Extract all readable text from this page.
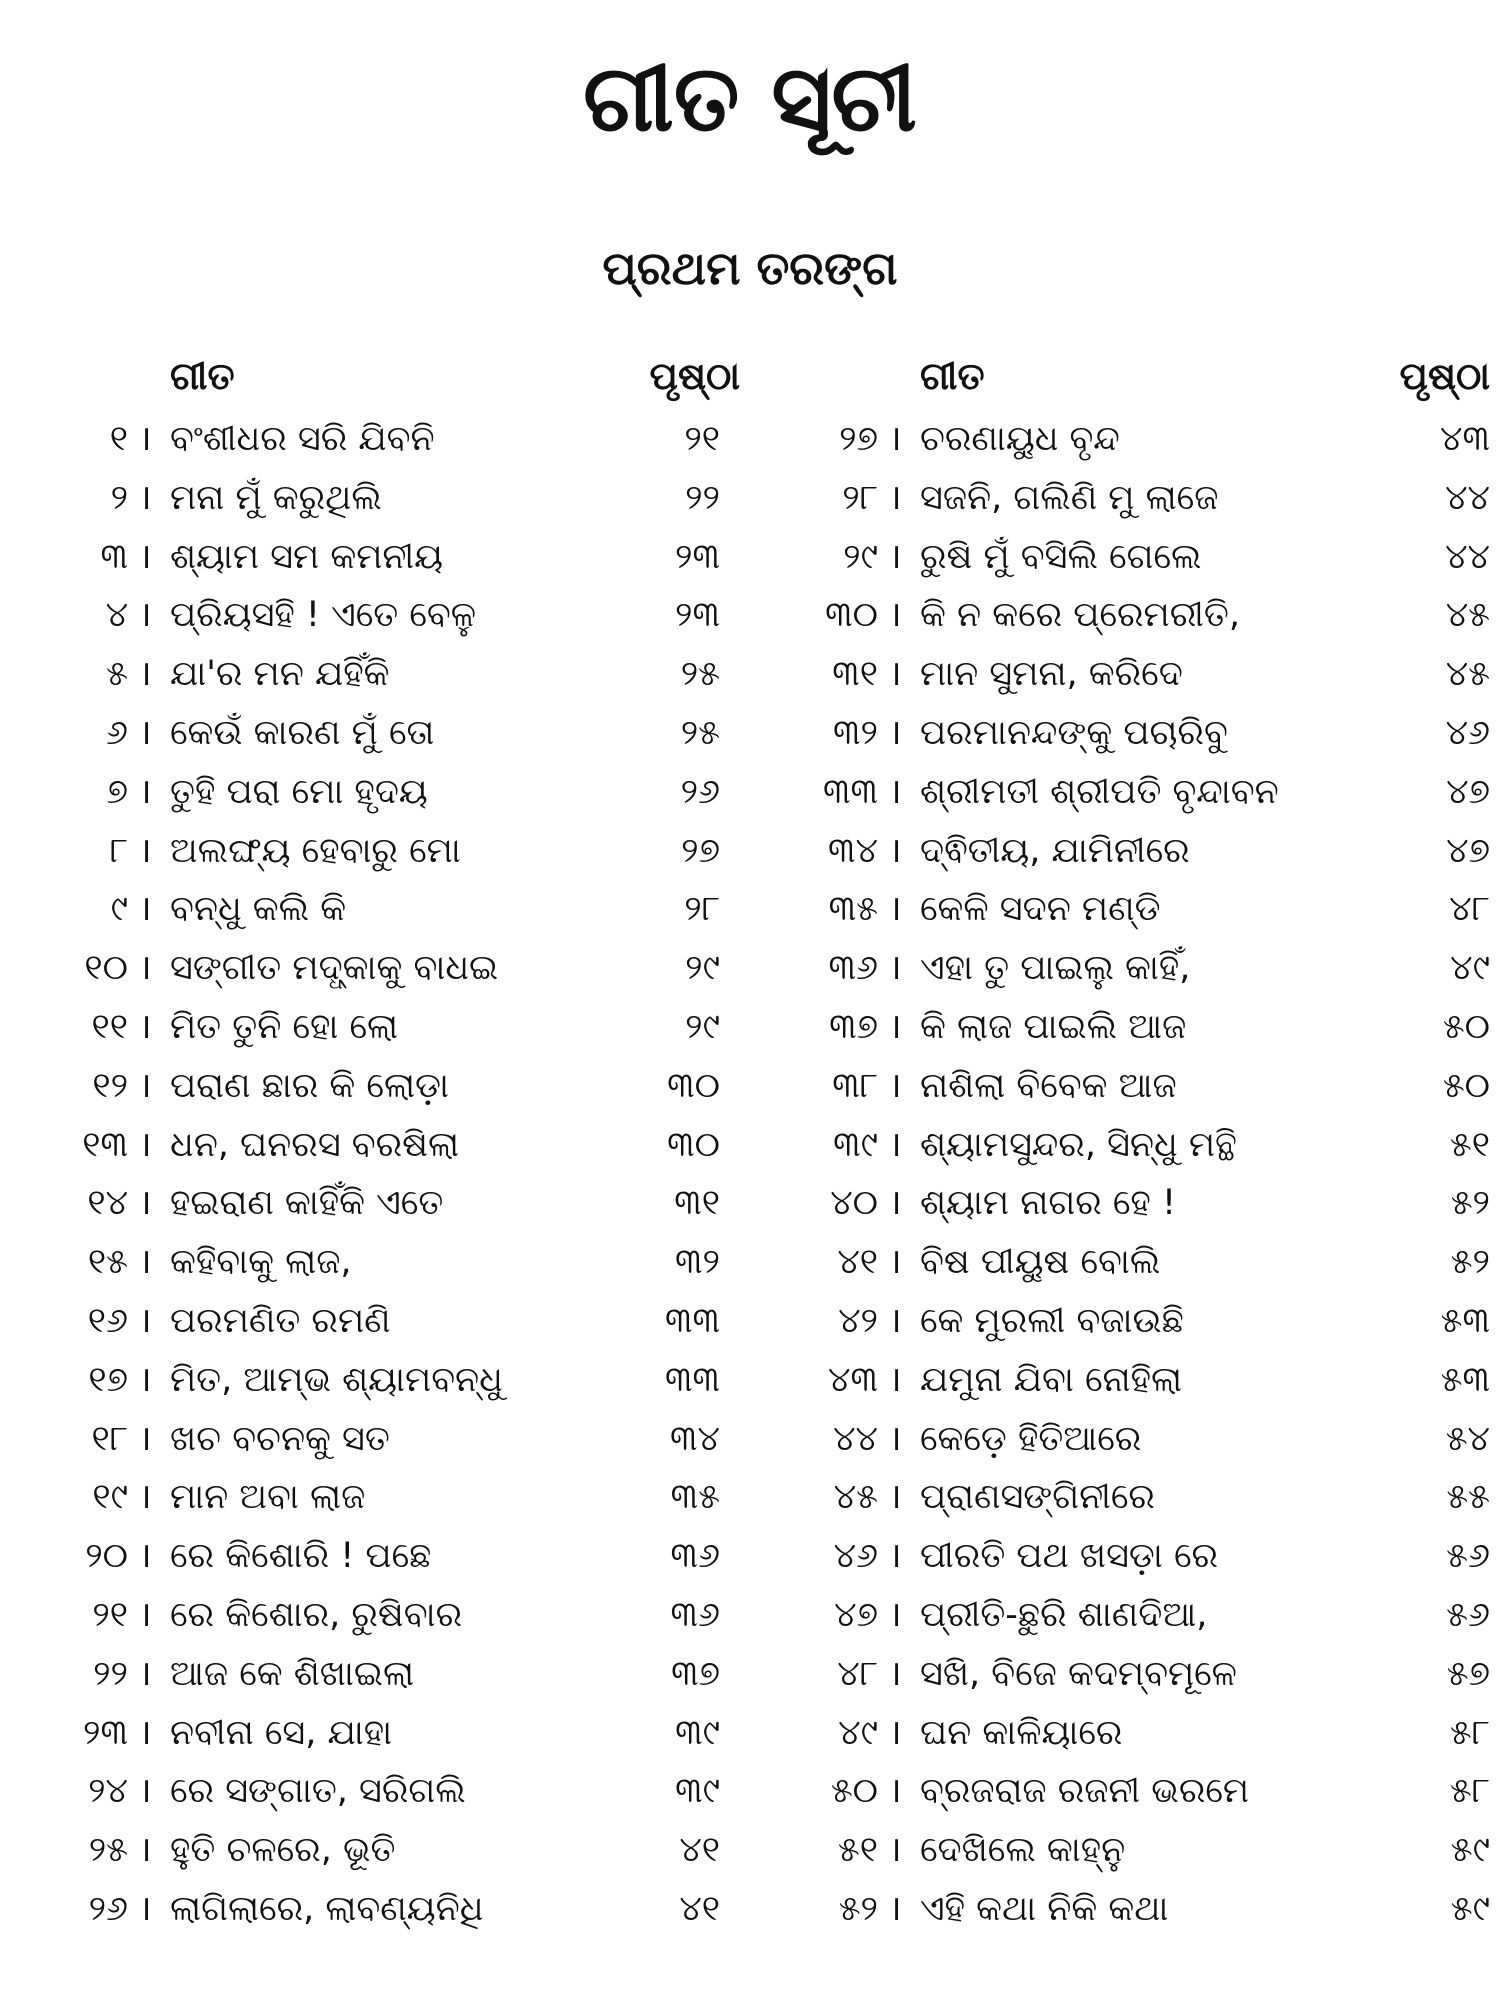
ଗୀତ ସୂଚୀ
ପ୍ରଥମ ତରଙ୍ଗ
ଗୀତ	ପୃଷ୍ଠା
୧ । ବଂଶୀଧର ସରି ଯିବନି	୨୧
୨ । ମନା ମୁଁ କରୁଥିଲି	୨୨
୩ । ଶ୍ୟାମ ସମ କମନୀୟ	୨୩
୪ । ପ୍ରିୟସହି ! ଏତେ ବେଳୁ	୨୩
୫ । ଯା'ର ମନ ଯହିଁକି	୨୫
୬ । କେଉଁ କାରଣ ମୁଁ ତୋ	୨୫
୭ । ତୁହି ପରା ମୋ ହୃଦୟ	୨୬
୮ । ଅଲଙ୍ଘ୍ୟ ହେବାରୁ ମୋ	୨୭
୯ । ବନ୍ଧୁ କଲି କି	୨୮
୧୦ । ସଙ୍ଗୀତ ମଦ୍ଧ୍କାକୁ ବାଧଇ	୨୯
୧୧ । ମିତ ତୁନି ହୋ ଲୋ	୨୯
୧୨ । ପରାଣ ଛାର କି ଲୋଡ଼ା	୩୦
୧୩ । ଧନ, ଘନରସ ବରଷିଲା	୩୦
୧୪ । ହଇରାଣ କାହିଁକି ଏତେ	୩୧
୧୫ । କହିବାକୁ ଲାଜ,	୩୨
୧୬ । ପରମଣିତ ରମଣି	୩୩
୧୭ । ମିତ, ଆମ୍ଭ ଶ୍ୟାମବନ୍ଧୁ	୩୩
୧୮ । ଖଚ ବଚନକୁ ସତ	୩୪
୧୯ । ମାନ ଅବା ଲାଜ	୩୫
୨୦ । ରେ କିଶୋରି ! ପଛେ	୩୬
୨୧ । ରେ କିଶୋର, ରୁଷିବାର	୩୬
୨୨ । ଆଜ କେ ଶିଖାଇଲା	୩୭
୨୩ । ନବୀନା ସେ, ଯାହା	୩୯
୨୪ । ରେ ସଙ୍ଗାତ, ସରିଗଲି	୩୯
୨୫ । ହୁତି ଚଳରେ, ଭୂତି	୪୧
୨୬ । ଲାଗିଲାରେ, ଲାବଣ୍ୟନିଧି	୪୧
ଗୀତ	ପୃଷ୍ଠା
୨୭ । ଚରଣାୟୁଧ ବୃନ୍ଦ	୪୩
୨୮ । ସଜନି, ଗଲିଣି ମୁ ଲାଜେ	୪୪
୨୯ । ରୁଷି ମୁଁ ବସିଲି ଗେଲେ	୪୪
୩୦ । କି ନ କରେ ପ୍ରେମରୀତି,	୪୫
୩୧ । ମାନ ସୁମନା, କରିଦେ	୪୫
୩୨ । ପରମାନନ୍ଦଙ୍କୁ ପଚାରିବୁ	୪୬
୩୩ । ଶ୍ରୀମତୀ ଶ୍ରୀପତି ବୃନ୍ଦାବନ	୪୭
୩୪ । ଦ୍ଵିତୀୟ, ଯାମିନୀରେ	୪୭
୩୫ । କେଳି ସଦନ ମଣ୍ଡି	୪୮
୩୬ । ଏହା ତୁ ପାଇଲୁ କାହିଁ,	୪୯
୩୭ । କି ଲାଜ ପାଇଲି ଆଜ	୫୦
୩୮ । ନାଶିଲା ବିବେକ ଆଜ	୫୦
୩୯ । ଶ୍ୟାମସୁନ୍ଦର, ସିନ୍ଧୁ ମନ୍ଥି	୫୧
୪୦ । ଶ୍ୟାମ ନାଗର ହେ !	୫୨
୪୧ । ବିଷ ପୀୟୁଷ ବୋଲି	୫୨
୪୨ । କେ ମୁରଲୀ ବଜାଉଛି	୫୩
୪୩ । ଯମୁନା ଯିବା ନୋହିଲା	୫୩
୪୪ । କେଡ଼େ ହିତିଆରେ	୫୪
୪୫ । ପ୍ରାଣସଙ୍ଗିନୀରେ	୫୫
୪୬ । ପୀରତି ପଥ ଖସଡ଼ା ରେ	୫୬
୪୭ । ପ୍ରୀତି-ଛୁରି ଶାଣଦିଆ,	୫୬
୪୮ । ସଖି, ବିଜେ କଦମ୍ବମୂଳେ	୫୭
୪୯ । ଘନ କାଳିୟାରେ	୫୮
୫୦ । ବ୍ରଜରାଜ ରଜନୀ ଭରମେ	୫୮
୫୧ । ଦେଖିଲେ କାହ୍ନୁ	୫୯
୫୨ । ଏହି କଥା ନିକି କଥା	୫୯
